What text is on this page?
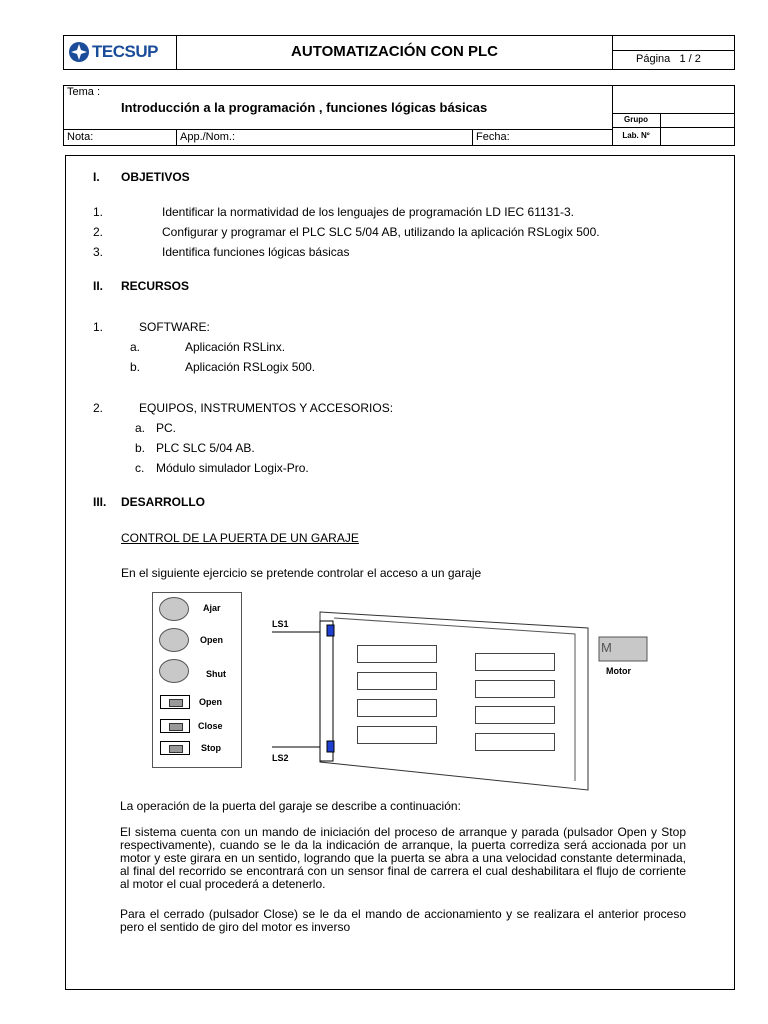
TECSUP	AUTOMATIZACIÓN CON PLC	Página 1 / 2
Tema :
Introducción a la programación , funciones lógicas básicas
Grupo
Lab. Nº
Nota:	App./Nom.:	Fecha:
I. OBJETIVOS
1.	Identificar la normatividad de los lenguajes de programación LD IEC 61131-3.
2.	Configurar y programar el PLC SLC 5/04 AB, utilizando la aplicación RSLogix 500.
3.	Identifica funciones lógicas básicas
II. RECURSOS
1.	SOFTWARE:
a.	Aplicación RSLinx.
b.	Aplicación RSLogix 500.
2.	EQUIPOS, INSTRUMENTOS Y ACCESORIOS:
a. PC.
b. PLC SLC 5/04 AB.
c. Módulo simulador Logix-Pro.
III. DESARROLLO
CONTROL DE LA PUERTA DE UN GARAJE
En el siguiente ejercicio se pretende controlar el acceso a un garaje
Ajar
Open
Shut
Open
Close
Stop
LS1
LS2
M
Motor
La operación de la puerta del garaje se describe a continuación:
El sistema cuenta con un mando de iniciación del proceso de arranque y parada (pulsador Open y Stop respectivamente), cuando se le da la indicación de arranque, la puerta corrediza será accionada por un motor y este girara en un sentido, logrando que la puerta se abra a una velocidad constante determinada, al final del recorrido se encontrará con un sensor final de carrera el cual deshabilitara el flujo de corriente al motor el cual procederá a detenerlo.
Para el cerrado (pulsador Close) se le da el mando de accionamiento y se realizara el anterior proceso pero el sentido de giro del motor es inverso
